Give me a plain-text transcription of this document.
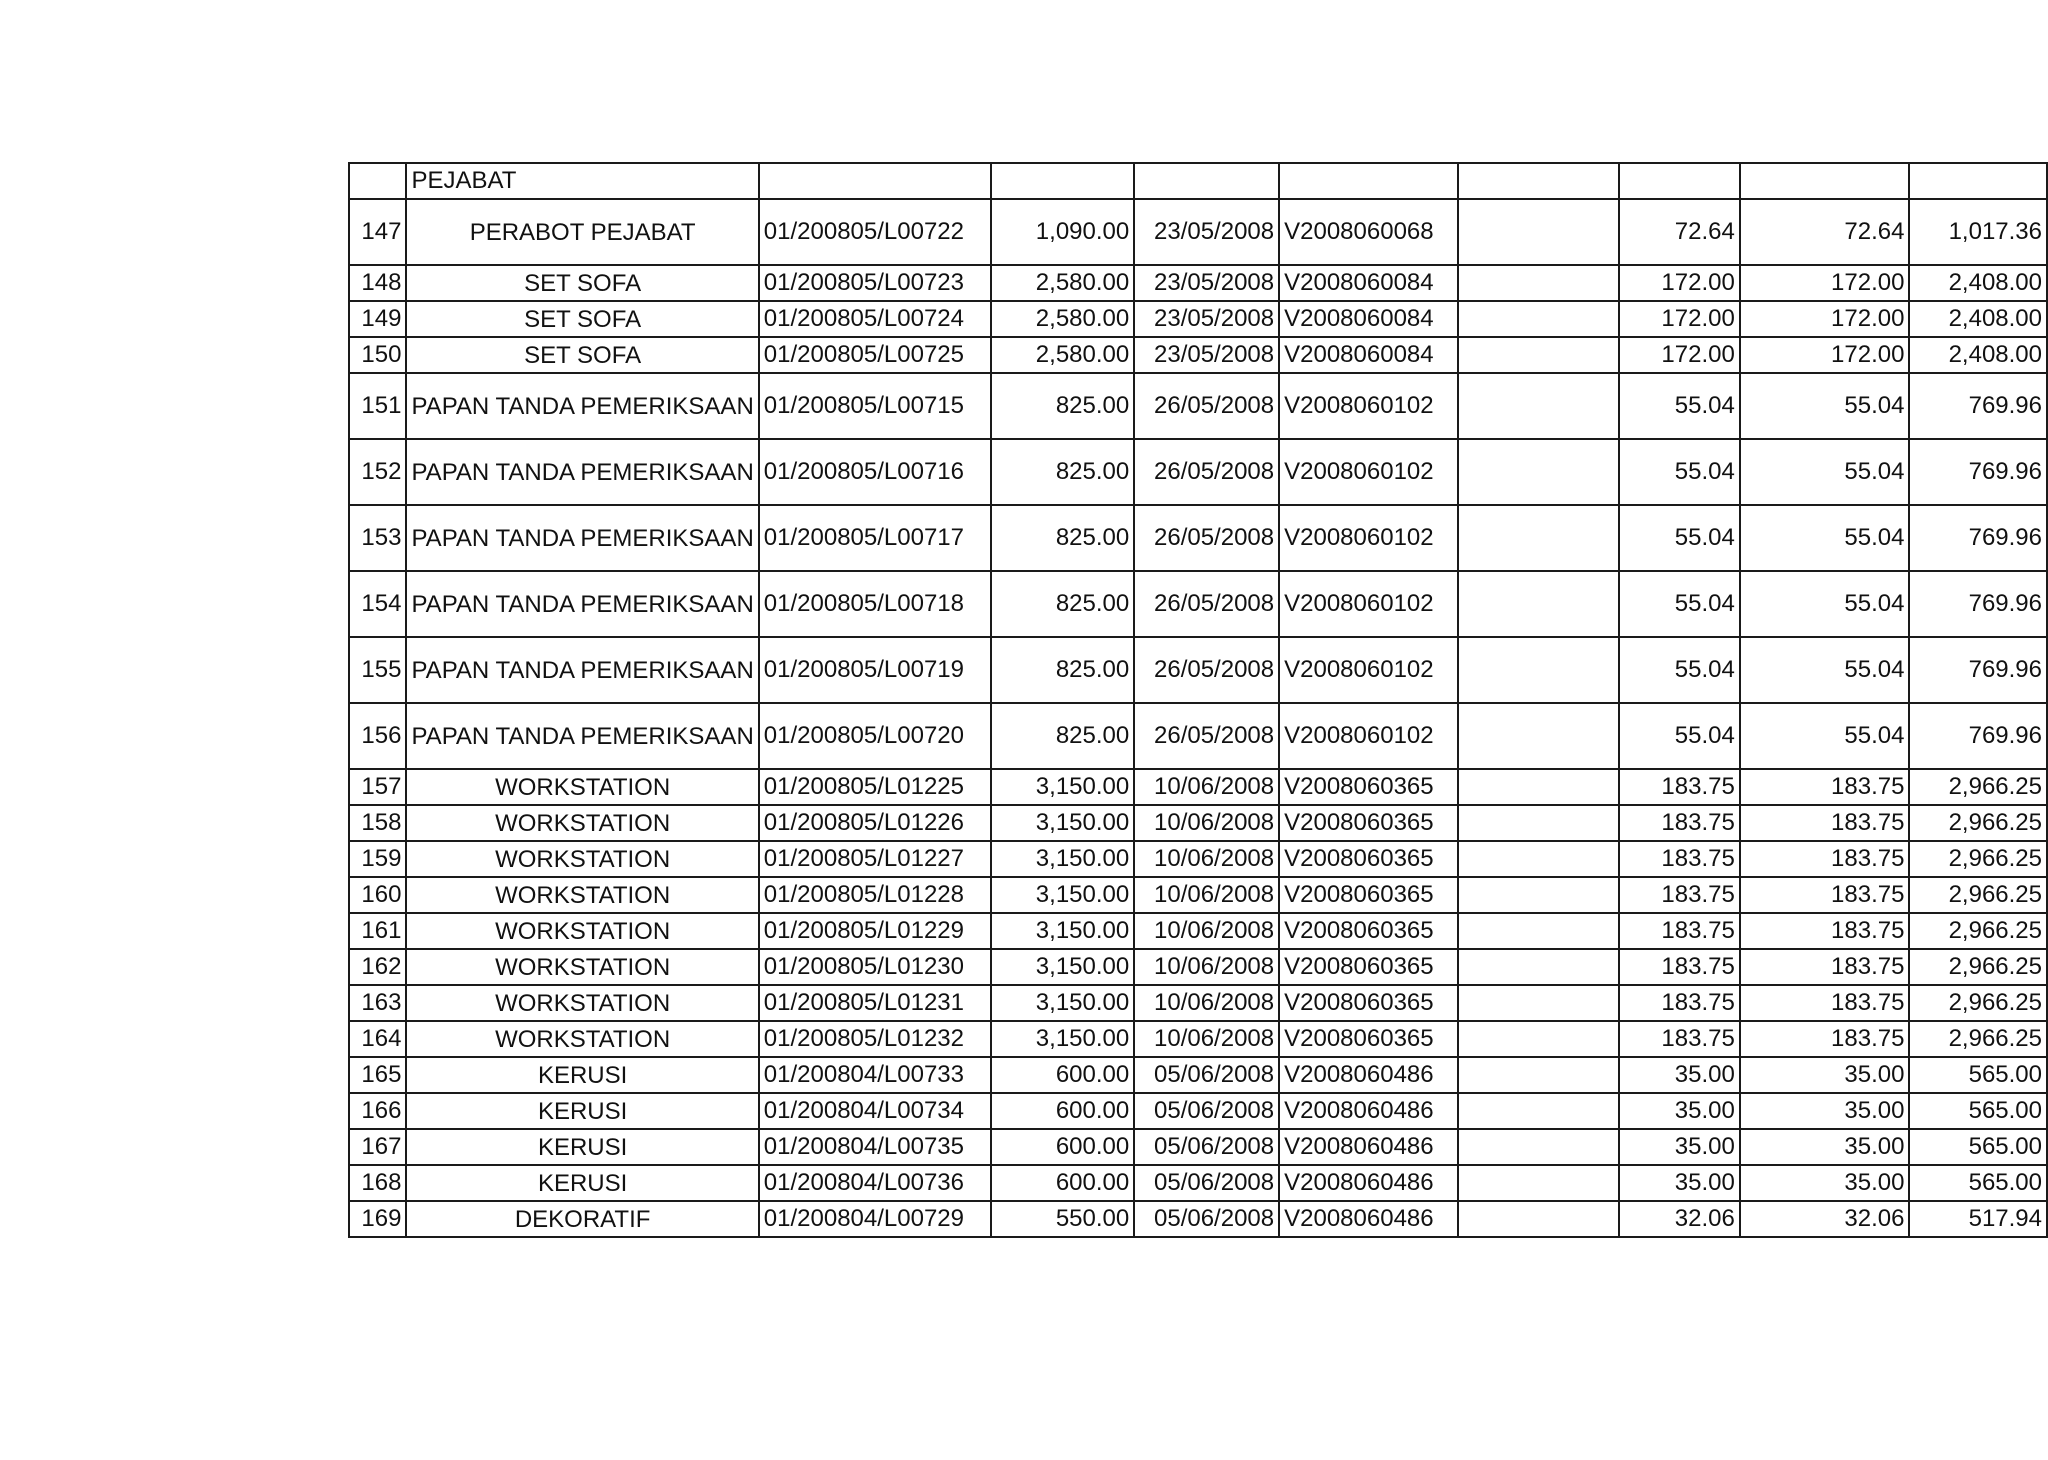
	PEJABAT								
147	PERABOT PEJABAT	01/200805/L00722	1,090.00	23/05/2008	V2008060068		72.64	72.64	1,017.36
148	SET SOFA	01/200805/L00723	2,580.00	23/05/2008	V2008060084		172.00	172.00	2,408.00
149	SET SOFA	01/200805/L00724	2,580.00	23/05/2008	V2008060084		172.00	172.00	2,408.00
150	SET SOFA	01/200805/L00725	2,580.00	23/05/2008	V2008060084		172.00	172.00	2,408.00
151	PAPAN TANDA PEMERIKSAAN	01/200805/L00715	825.00	26/05/2008	V2008060102		55.04	55.04	769.96
152	PAPAN TANDA PEMERIKSAAN	01/200805/L00716	825.00	26/05/2008	V2008060102		55.04	55.04	769.96
153	PAPAN TANDA PEMERIKSAAN	01/200805/L00717	825.00	26/05/2008	V2008060102		55.04	55.04	769.96
154	PAPAN TANDA PEMERIKSAAN	01/200805/L00718	825.00	26/05/2008	V2008060102		55.04	55.04	769.96
155	PAPAN TANDA PEMERIKSAAN	01/200805/L00719	825.00	26/05/2008	V2008060102		55.04	55.04	769.96
156	PAPAN TANDA PEMERIKSAAN	01/200805/L00720	825.00	26/05/2008	V2008060102		55.04	55.04	769.96
157	WORKSTATION	01/200805/L01225	3,150.00	10/06/2008	V2008060365		183.75	183.75	2,966.25
158	WORKSTATION	01/200805/L01226	3,150.00	10/06/2008	V2008060365		183.75	183.75	2,966.25
159	WORKSTATION	01/200805/L01227	3,150.00	10/06/2008	V2008060365		183.75	183.75	2,966.25
160	WORKSTATION	01/200805/L01228	3,150.00	10/06/2008	V2008060365		183.75	183.75	2,966.25
161	WORKSTATION	01/200805/L01229	3,150.00	10/06/2008	V2008060365		183.75	183.75	2,966.25
162	WORKSTATION	01/200805/L01230	3,150.00	10/06/2008	V2008060365		183.75	183.75	2,966.25
163	WORKSTATION	01/200805/L01231	3,150.00	10/06/2008	V2008060365		183.75	183.75	2,966.25
164	WORKSTATION	01/200805/L01232	3,150.00	10/06/2008	V2008060365		183.75	183.75	2,966.25
165	KERUSI	01/200804/L00733	600.00	05/06/2008	V2008060486		35.00	35.00	565.00
166	KERUSI	01/200804/L00734	600.00	05/06/2008	V2008060486		35.00	35.00	565.00
167	KERUSI	01/200804/L00735	600.00	05/06/2008	V2008060486		35.00	35.00	565.00
168	KERUSI	01/200804/L00736	600.00	05/06/2008	V2008060486		35.00	35.00	565.00
169	DEKORATIF	01/200804/L00729	550.00	05/06/2008	V2008060486		32.06	32.06	517.94
